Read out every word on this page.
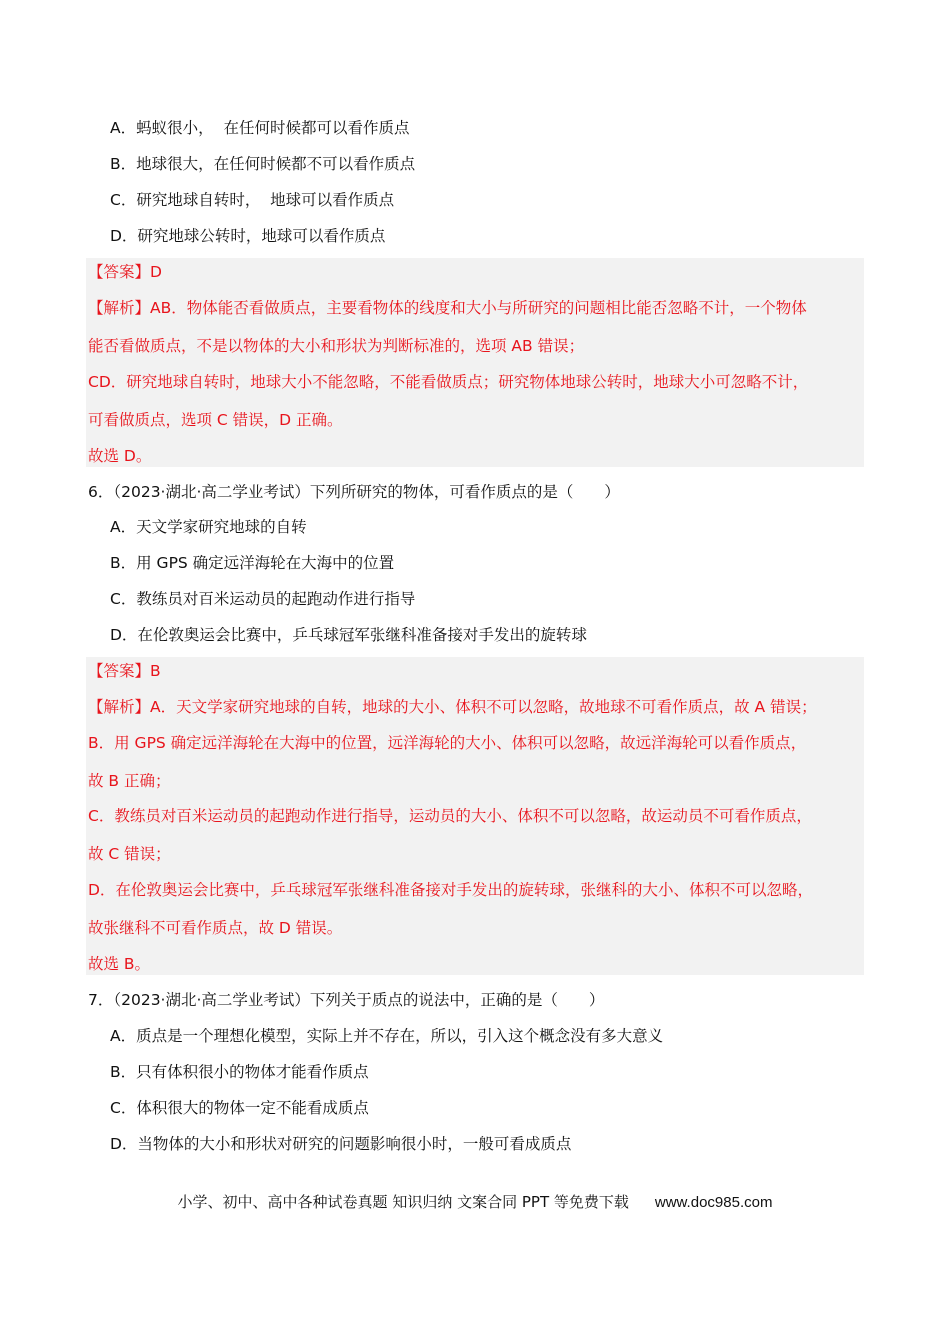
A．蚂蚁很小，  在任何时候都可以看作质点
B．地球很大，在任何时候都不可以看作质点
C．研究地球自转时，  地球可以看作质点
D．研究地球公转时，地球可以看作质点
【答案】D
【解析】AB．物体能否看做质点，主要看物体的线度和大小与所研究的问题相比能否忽略不计，一个物体
能否看做质点，不是以物体的大小和形状为判断标准的，选项 AB 错误；
CD．研究地球自转时，地球大小不能忽略，不能看做质点；研究物体地球公转时，地球大小可忽略不计，
可看做质点，选项 C 错误，D 正确。
故选 D。
6．（2023·湖北·高二学业考试）下列所研究的物体，可看作质点的是（　　）
A．天文学家研究地球的自转
B．用 GPS 确定远洋海轮在大海中的位置
C．教练员对百米运动员的起跑动作进行指导
D．在伦敦奥运会比赛中，乒乓球冠军张继科准备接对手发出的旋转球
【答案】B
【解析】A．天文学家研究地球的自转，地球的大小、体积不可以忽略，故地球不可看作质点，故 A 错误；
B．用 GPS 确定远洋海轮在大海中的位置，远洋海轮的大小、体积可以忽略，故远洋海轮可以看作质点，
故 B 正确；
C．教练员对百米运动员的起跑动作进行指导，运动员的大小、体积不可以忽略，故运动员不可看作质点，
故 C 错误；
D．在伦敦奥运会比赛中，乒乓球冠军张继科准备接对手发出的旋转球，张继科的大小、体积不可以忽略，
故张继科不可看作质点，故 D 错误。
故选 B。
7．（2023·湖北·高二学业考试）下列关于质点的说法中，正确的是（　　）
A．质点是一个理想化模型，实际上并不存在，所以，引入这个概念没有多大意义
B．只有体积很小的物体才能看作质点
C．体积很大的物体一定不能看成质点
D．当物体的大小和形状对研究的问题影响很小时，一般可看成质点
小学、初中、高中各种试卷真题 知识归纳 文案合同 PPT 等免费下载 www.doc985.com
